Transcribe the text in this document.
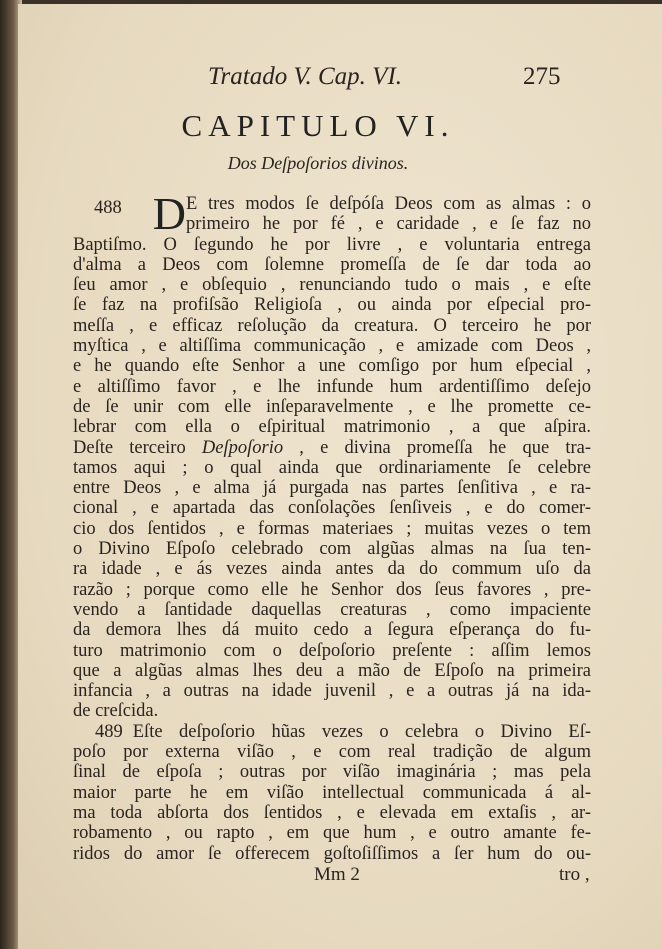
Tratado V. Cap. VI.	275
CAPITULO VI.
Dos Deſpoſorios divinos.
488 D E tres modos ſe deſpóſa Deos com as almas : o
primeiro he por fé , e caridade , e ſe faz no
Baptiſmo. O ſegundo he por livre , e voluntaria entrega
d'alma a Deos com ſolemne promeſſa de ſe dar toda ao
ſeu amor , e obſequio , renunciando tudo o mais , e eſte
ſe faz na profiſsão Religioſa , ou ainda por eſpecial pro-
meſſa , e efficaz reſolução da creatura. O terceiro he por
myſtica , e altiſſima communicação , e amizade com Deos ,
e he quando eſte Senhor a une comſigo por hum eſpecial ,
e altiſſimo favor , e lhe infunde hum ardentiſſimo deſejo
de ſe unir com elle inſeparavelmente , e lhe promette ce-
lebrar com ella o eſpiritual matrimonio , a que aſpira.
Deſte terceiro Deſpoſorio , e divina promeſſa he que tra-
tamos aqui ; o qual ainda que ordinariamente ſe celebre
entre Deos , e alma já purgada nas partes ſenſitiva , e ra-
cional , e apartada das conſolações ſenſiveis , e do comer-
cio dos ſentidos , e formas materiaes ; muitas vezes o tem
o Divino Eſpoſo celebrado com algũas almas na ſua ten-
ra idade , e ás vezes ainda antes da do commum uſo da
razão ; porque como elle he Senhor dos ſeus favores , pre-
vendo a ſantidade daquellas creaturas , como impaciente
da demora lhes dá muito cedo a ſegura eſperança do fu-
turo matrimonio com o deſpoſorio preſente : aſſim lemos
que a algũas almas lhes deu a mão de Eſpoſo na primeira
infancia , a outras na idade juvenil , e a outras já na ida-
de creſcida.
489 Eſte deſpoſorio hũas vezes o celebra o Divino Eſ-
poſo por externa viſão , e com real tradição de algum
ſinal de eſpoſa ; outras por viſão imaginária ; mas pela
maior parte he em viſão intellectual communicada á al-
ma toda abſorta dos ſentidos , e elevada em extaſis , ar-
robamento , ou rapto , em que hum , e outro amante fe-
ridos do amor ſe offerecem goſtoſiſſimos a ſer hum do ou-
Mm 2	tro ,
